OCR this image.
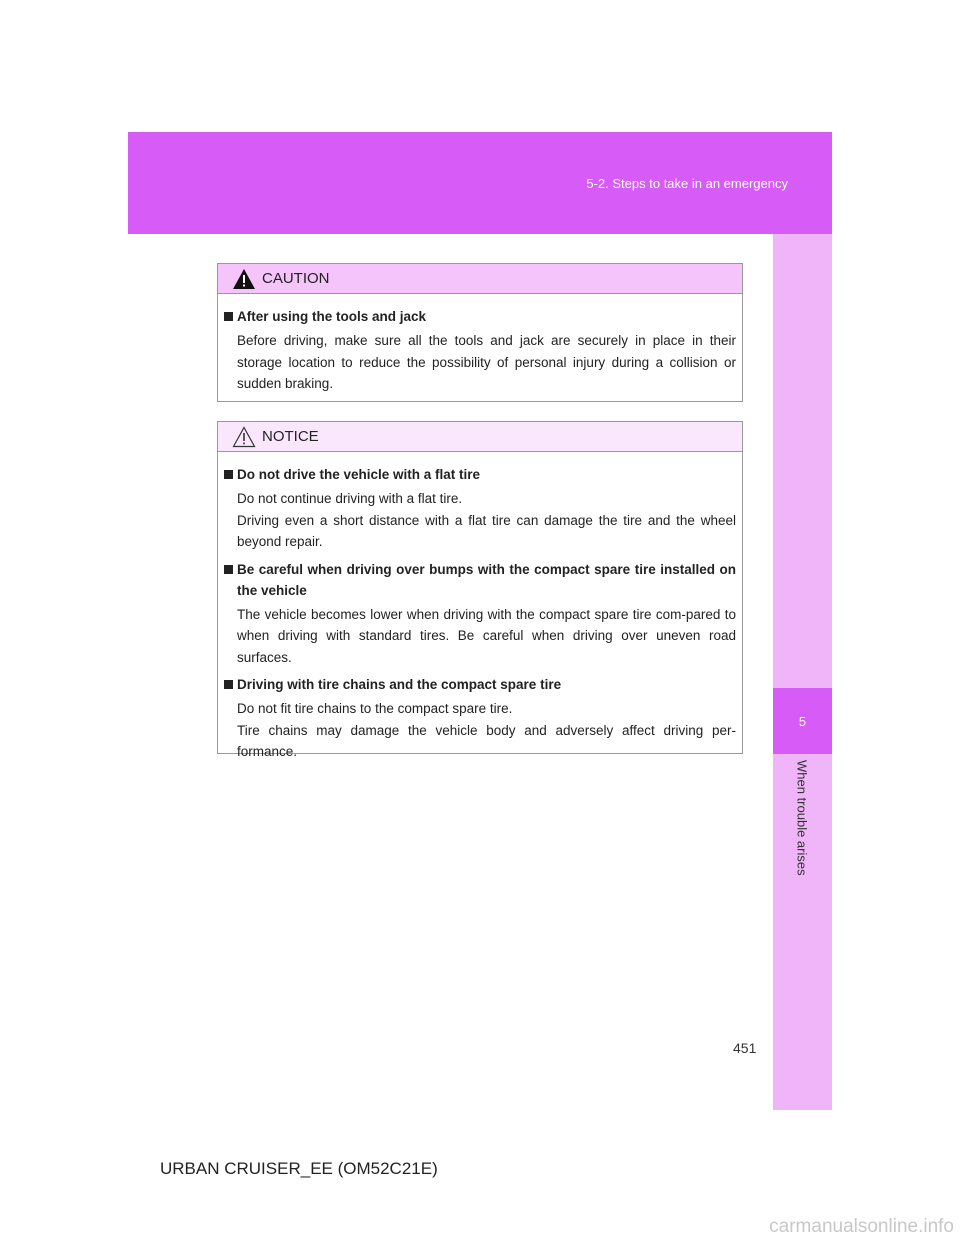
5-2. Steps to take in an emergency
5
When trouble arises
CAUTION
After using the tools and jack

Before driving, make sure all the tools and jack are securely in place in their storage location to reduce the possibility of personal injury during a collision or sudden braking.

NOTICE
Do not drive the vehicle with a flat tire

Do not continue driving with a flat tire.

Driving even a short distance with a flat tire can damage the tire and the wheel beyond repair.

Be careful when driving over bumps with the compact spare tire installed on the vehicle

The vehicle becomes lower when driving with the compact spare tire com-pared to when driving with standard tires. Be careful when driving over uneven road surfaces.

Driving with tire chains and the compact spare tire

Do not fit tire chains to the compact spare tire.

Tire chains may damage the vehicle body and adversely affect driving per-formance.

451
URBAN CRUISER_EE (OM52C21E)
carmanualsonline.info
